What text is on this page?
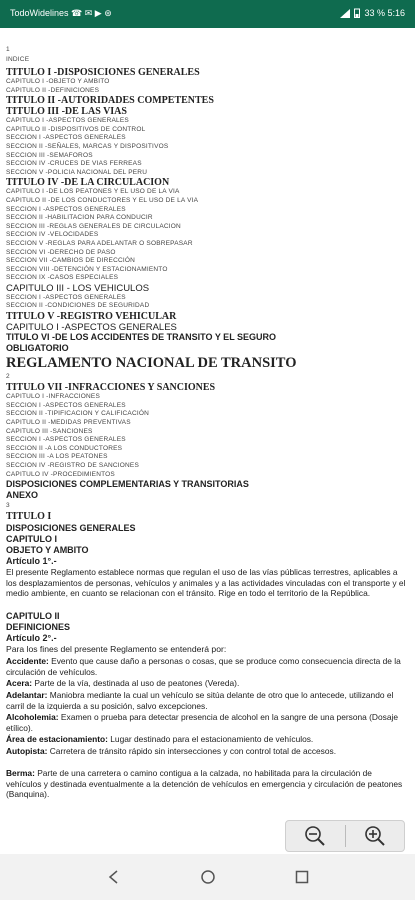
TodoWidelines ☎ ✉ ▶ ⊛	33 % 5:16
1
INDICE
REGLAMENTO NACIONAL DE TRANSITO
2
3
TITULO I
DISPOSICIONES GENERALES
CAPITULO I
OBJETO Y AMBITO
Artículo 1°.-
El presente Reglamento establece normas que regulan el uso de las vías públicas terrestres, aplicables a los desplazamientos de personas, vehículos y animales y a las actividades vinculadas con el transporte y el medio ambiente, en cuanto se relacionan con el tránsito. Rige en todo el territorio de la República.
CAPITULO II
DEFINICIONES
Artículo 2°.-
Para los fines del presente Reglamento se entenderá por:
TITULO I -DISPOSICIONES GENERALES
CAPITULO I -OBJETO Y AMBITO
CAPITULO II -DEFINICIONES
TITULO II -AUTORIDADES COMPETENTES
TITULO III -DE LAS VIAS
CAPITULO I -ASPECTOS GENERALES
CAPITULO II -DISPOSITIVOS DE CONTROL
SECCION I -ASPECTOS GENERALES
SECCION II -SEÑALES, MARCAS Y DISPOSITIVOS
SECCION III -SEMAFOROS
SECCION IV -CRUCES DE VIAS FERREAS
SECCION V -POLICIA NACIONAL DEL PERU
TITULO IV -DE LA CIRCULACION
CAPITULO I -DE LOS PEATONES Y EL USO DE LA VIA
CAPITULO II -DE LOS CONDUCTORES Y EL USO DE LA VIA
SECCION I -ASPECTOS GENERALES
SECCION II -HABILITACION PARA CONDUCIR
SECCION III -REGLAS GENERALES DE CIRCULACION
SECCION IV -VELOCIDADES
SECCION V -REGLAS PARA ADELANTAR O SOBREPASAR
SECCION VI -DERECHO DE PASO
SECCION VII -CAMBIOS DE DIRECCIÓN
SECCION VIII -DETENCIÓN Y ESTACIONAMIENTO
SECCION IX -CASOS ESPECIALES
CAPITULO III - LOS VEHICULOS
SECCION I -ASPECTOS GENERALES
SECCION II -CONDICIONES DE SEGURIDAD
TITULO V -REGISTRO VEHICULAR
CAPITULO I -ASPECTOS GENERALES
TITULO VI -DE LOS ACCIDENTES DE TRANSITO Y EL SEGURO
OBLIGATORIO
TITULO VII -INFRACCIONES Y SANCIONES
CAPITULO I -INFRACCIONES
SECCION I -ASPECTOS GENERALES
SECCION II -TIPIFICACION Y CALIFICACIÓN
CAPITULO II -MEDIDAS PREVENTIVAS
CAPITULO III -SANCIONES
SECCION I -ASPECTOS GENERALES
SECCION II -A LOS CONDUCTORES
SECCION III -A LOS PEATONES
SECCION IV -REGISTRO DE SANCIONES
CAPITULO IV -PROCEDIMIENTOS
DISPOSICIONES COMPLEMENTARIAS Y TRANSITORIAS
ANEXO
Accidente: Evento que cause daño a personas o cosas, que se produce como consecuencia directa de la circulación de vehículos.
Acera: Parte de la vía, destinada al uso de peatones (Vereda).
Adelantar: Maniobra mediante la cual un vehículo se sitúa delante de otro que lo antecede, utilizando el carril de la izquierda a su posición, salvo excepciones.
Alcoholemia: Examen o prueba para detectar presencia de alcohol en la sangre de una persona (Dosaje etílico).
Área de estacionamiento: Lugar destinado para el estacionamiento de vehículos.
Autopista: Carretera de tránsito rápido sin intersecciones y con control total de accesos.
Berma: Parte de una carretera o camino contigua a la calzada, no habilitada para la circulación de vehículos y destinada eventualmente a la detención de vehículos en emergencia y circulación de peatones (Banquina).
